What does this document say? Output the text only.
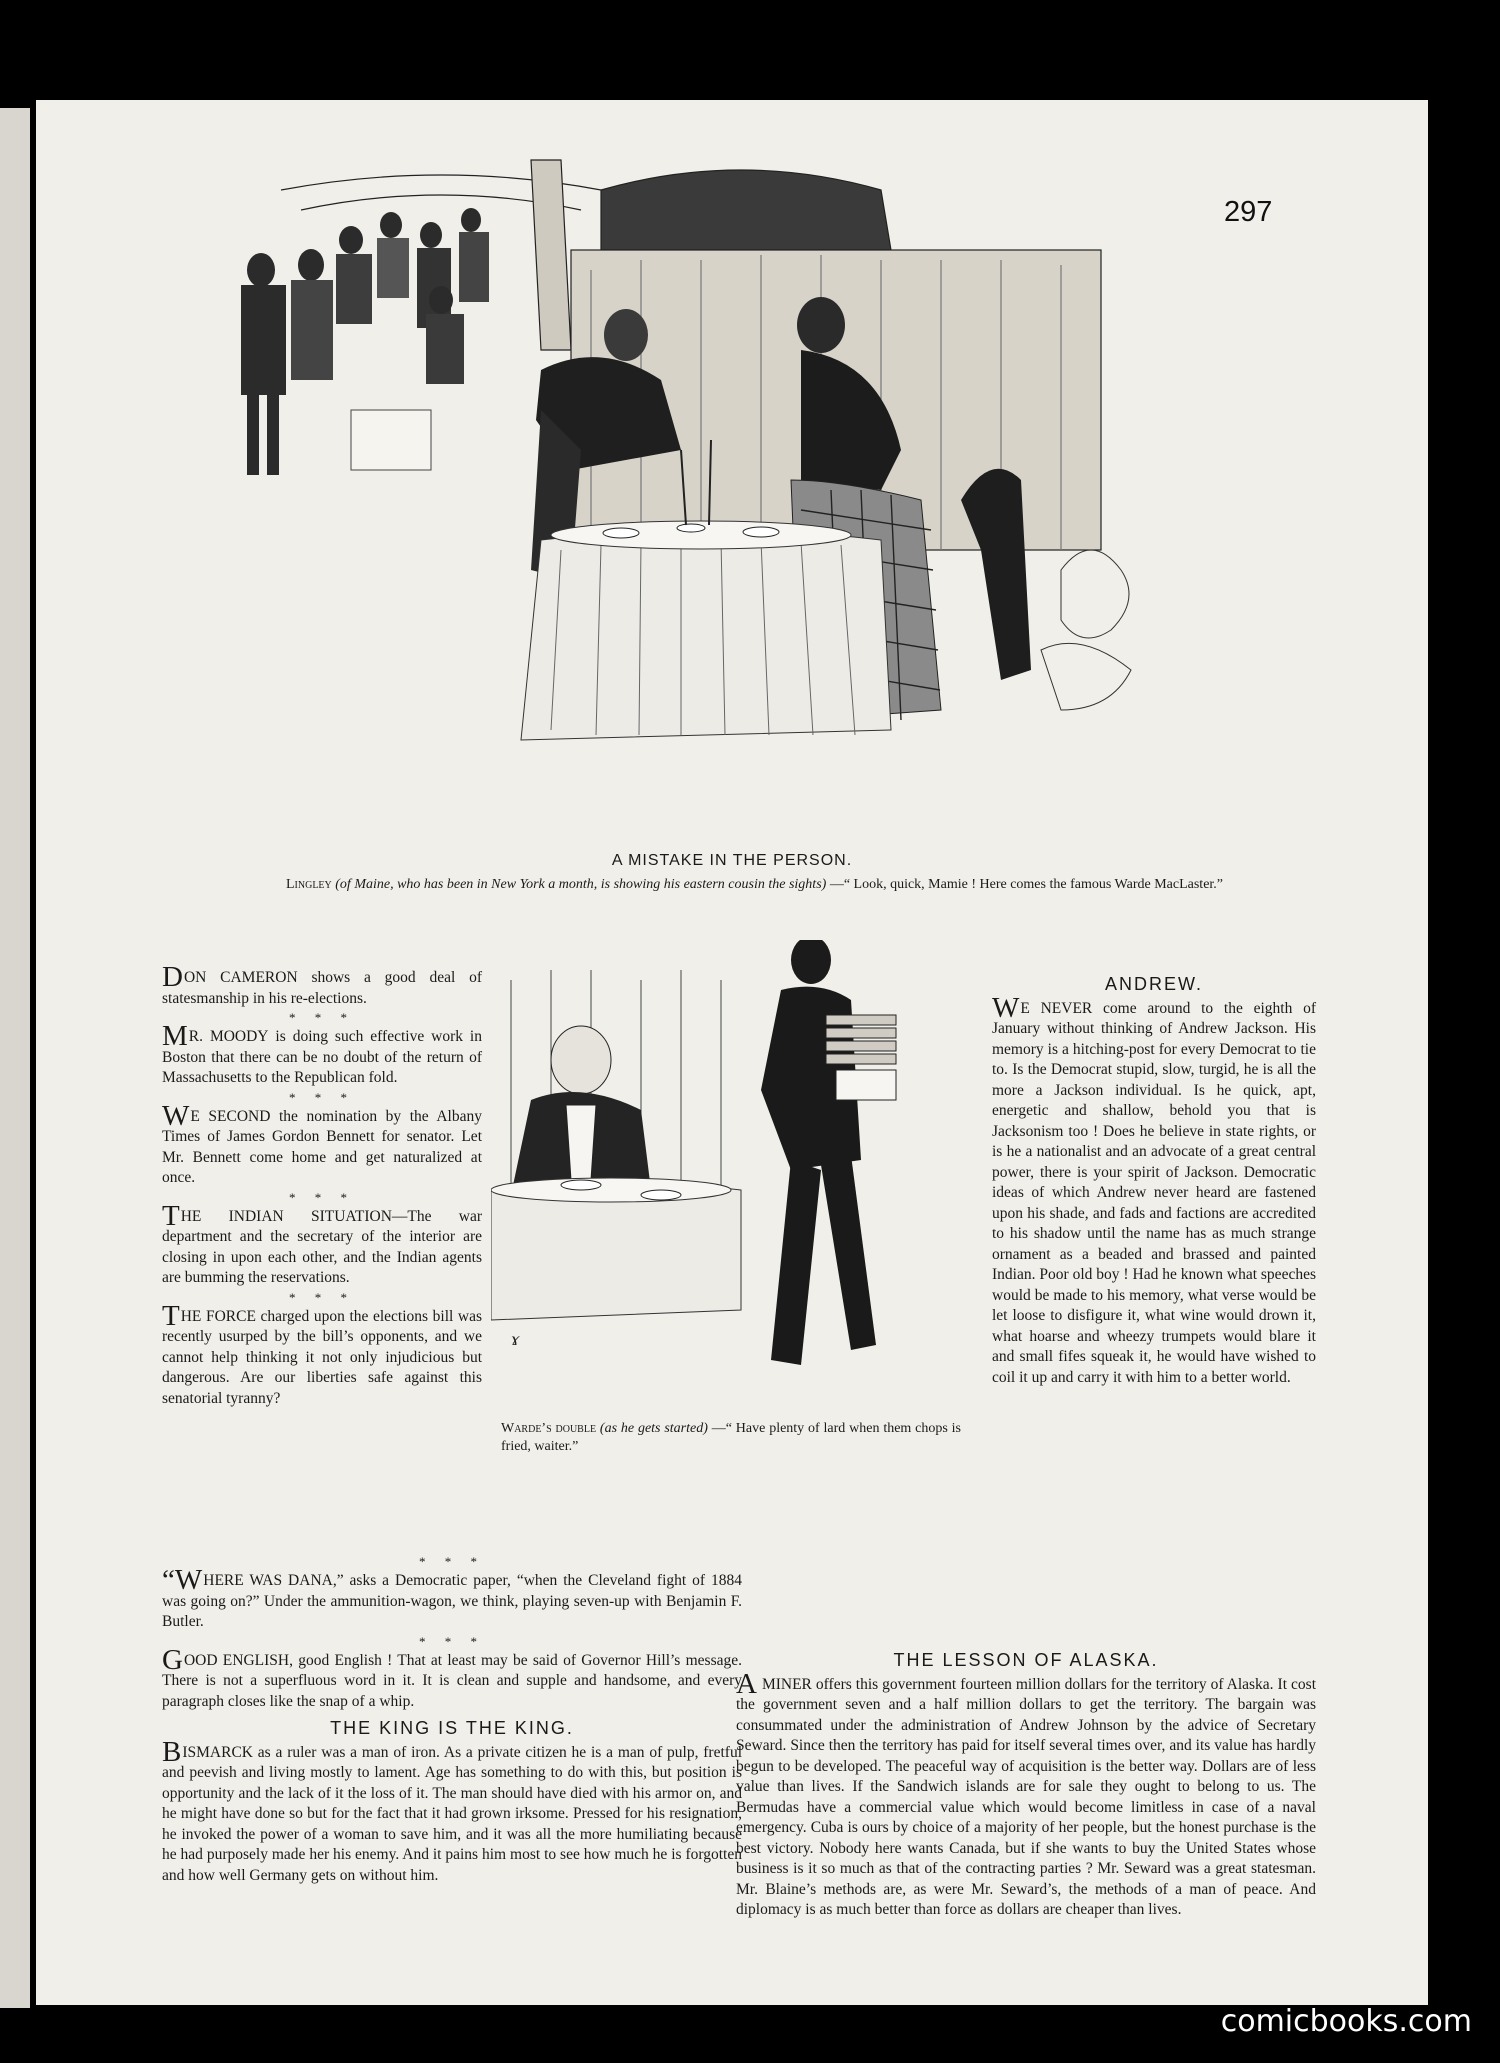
297
A MISTAKE IN THE PERSON.
Lingley (of Maine, who has been in New York a month, is showing his eastern cousin the sights) —“ Look, quick, Mamie ! Here comes the famous Warde MacLaster.”
ɤ
Warde’s double (as he gets started) —“ Have plenty of lard when them chops is fried, waiter.”

DON CAMERON shows a good deal of statesmanship in his re-elections.

* * *

MR. MOODY is doing such effective work in Boston that there can be no doubt of the return of Massachusetts to the Republican fold.

* * *

WE SECOND the nomination by the Albany Times of James Gordon Bennett for senator. Let Mr. Bennett come home and get naturalized at once.

* * *

THE INDIAN SITUATION—The war department and the secretary of the interior are closing in upon each other, and the Indian agents are bumming the reservations.

* * *

THE FORCE charged upon the elections bill was recently usurped by the bill’s opponents, and we cannot help thinking it not only injudicious but dangerous. Are our liberties safe against this senatorial tyranny?

* * *

“WHERE WAS DANA,” asks a Democratic paper, “when the Cleveland fight of 1884 was going on?” Under the ammunition-wagon, we think, playing seven-up with Benjamin F. Butler.

* * *

GOOD ENGLISH, good English ! That at least may be said of Governor Hill’s message. There is not a superfluous word in it. It is clean and supple and handsome, and every paragraph closes like the snap of a whip.

THE KING IS THE KING.

BISMARCK as a ruler was a man of iron. As a private citizen he is a man of pulp, fretful and peevish and living mostly to lament. Age has something to do with this, but position is opportunity and the lack of it the loss of it. The man should have died with his armor on, and he might have done so but for the fact that it had grown irksome. Pressed for his resignation, he invoked the power of a woman to save him, and it was all the more humiliating because he had purposely made her his enemy. And it pains him most to see how much he is forgotten and how well Germany gets on without him.

ANDREW.

WE NEVER come around to the eighth of January without thinking of Andrew Jackson. His memory is a hitching-post for every Democrat to tie to. Is the Democrat stupid, slow, turgid, he is all the more a Jackson individual. Is he quick, apt, energetic and shallow, behold you that is Jacksonism too ! Does he believe in state rights, or is he a nationalist and an advocate of a great central power, there is your spirit of Jackson. Democratic ideas of which Andrew never heard are fastened upon his shade, and fads and factions are accredited to his shadow until the name has as much strange ornament as a beaded and brassed and painted Indian. Poor old boy ! Had he known what speeches would be made to his memory, what verse would be let loose to disfigure it, what wine would drown it, what hoarse and wheezy trumpets would blare it and small fifes squeak it, he would have wished to coil it up and carry it with him to a better world.

THE LESSON OF ALASKA.

A MINER offers this government fourteen million dollars for the territory of Alaska. It cost the government seven and a half million dollars to get the territory. The bargain was consummated under the administration of Andrew Johnson by the advice of Secretary Seward. Since then the territory has paid for itself several times over, and its value has hardly begun to be developed. The peaceful way of acquisition is the better way. Dollars are of less value than lives. If the Sandwich islands are for sale they ought to belong to us. The Bermudas have a commercial value which would become limitless in case of a naval emergency. Cuba is ours by choice of a majority of her people, but the honest purchase is the best victory. Nobody here wants Canada, but if she wants to buy the United States whose business is it so much as that of the contracting parties ? Mr. Seward was a great statesman. Mr. Blaine’s methods are, as were Mr. Seward’s, the methods of a man of peace. And diplomacy is as much better than force as dollars are cheaper than lives.

comicbooks.com
